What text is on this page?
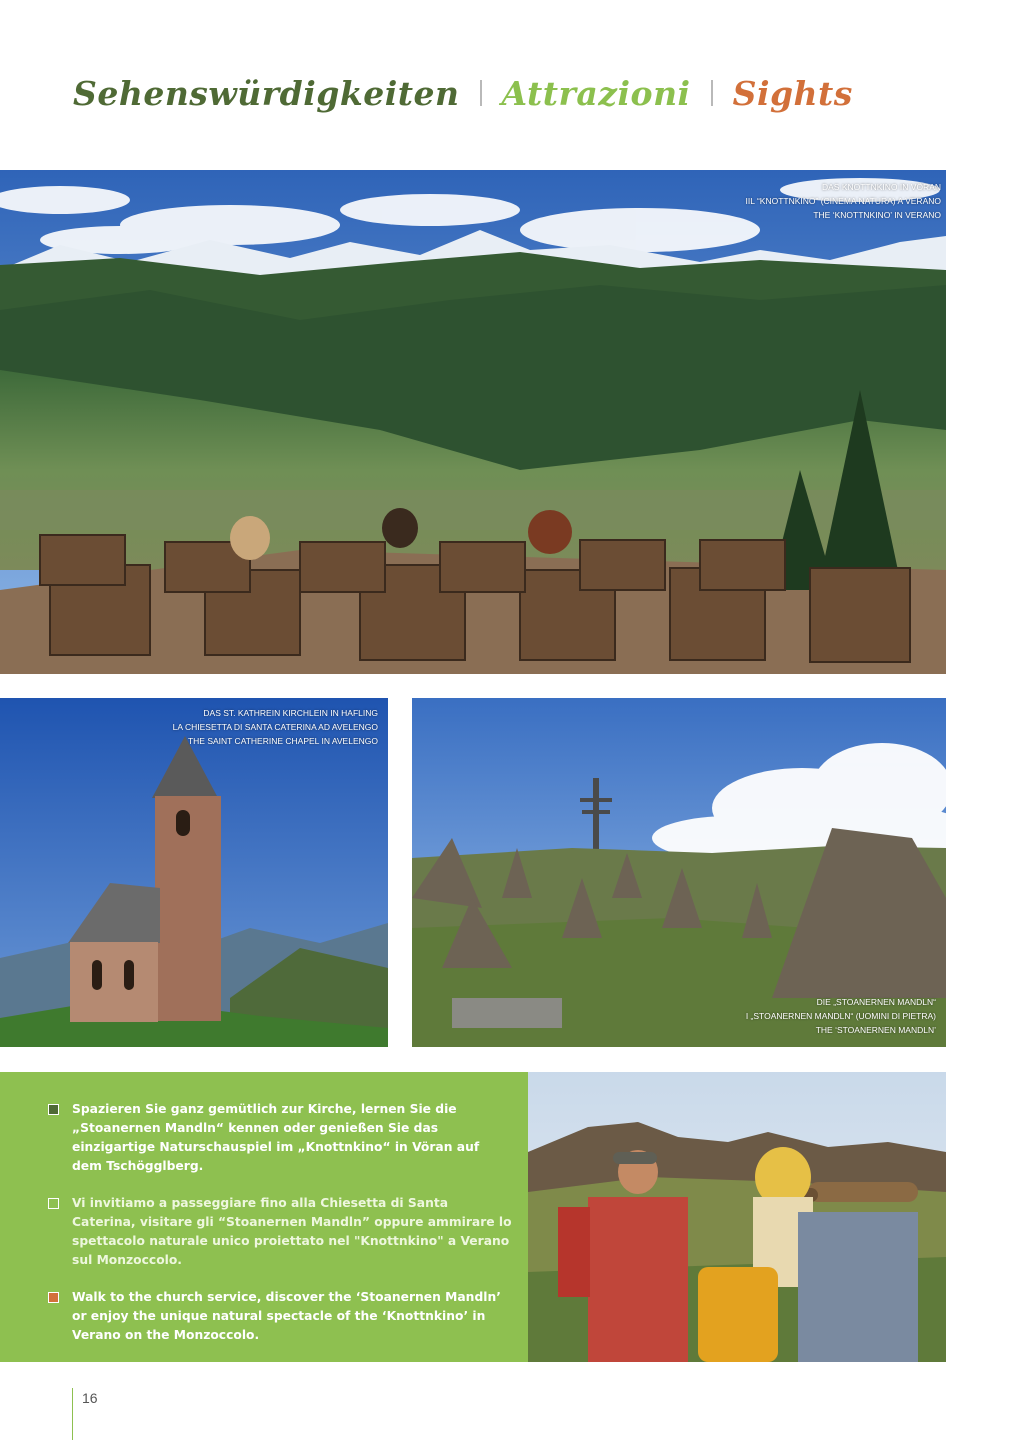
Sehenswürdigkeiten Attrazioni Sights
DAS KNOTTNKINO IN VÖRAN
IIL “KNOTTNKINO” (CINEMA NATURA) A VERANO
THE ‘KNOTTNKINO’ IN VERANO
DAS ST. KATHREIN KIRCHLEIN IN HAFLING
LA CHIESETTA DI SANTA CATERINA AD AVELENGO
THE SAINT CATHERINE CHAPEL IN AVELENGO
DIE „STOANERNEN MANDLN“
I „STOANERNEN MANDLN“ (UOMINI DI PIETRA)
THE ‘STOANERNEN MANDLN’
Spazieren Sie ganz gemütlich zur Kirche, lernen Sie die „Stoanernen Mandln“ kennen oder genießen Sie das einzigartige Naturschauspiel im „Knottnkino“ in Vöran auf dem Tschögglberg.
Vi invitiamo a passeggiare fino alla Chiesetta di Santa Caterina, visitare gli “Stoanernen Mandln” oppure ammirare lo spettacolo naturale unico proiettato nel "Knottnkino" a Verano sul Monzoccolo.
Walk to the church service, discover the ‘Stoanernen Mandln’ or enjoy the unique natural spectacle of the ‘Knottnkino’ in Verano on the Monzoccolo.
16
